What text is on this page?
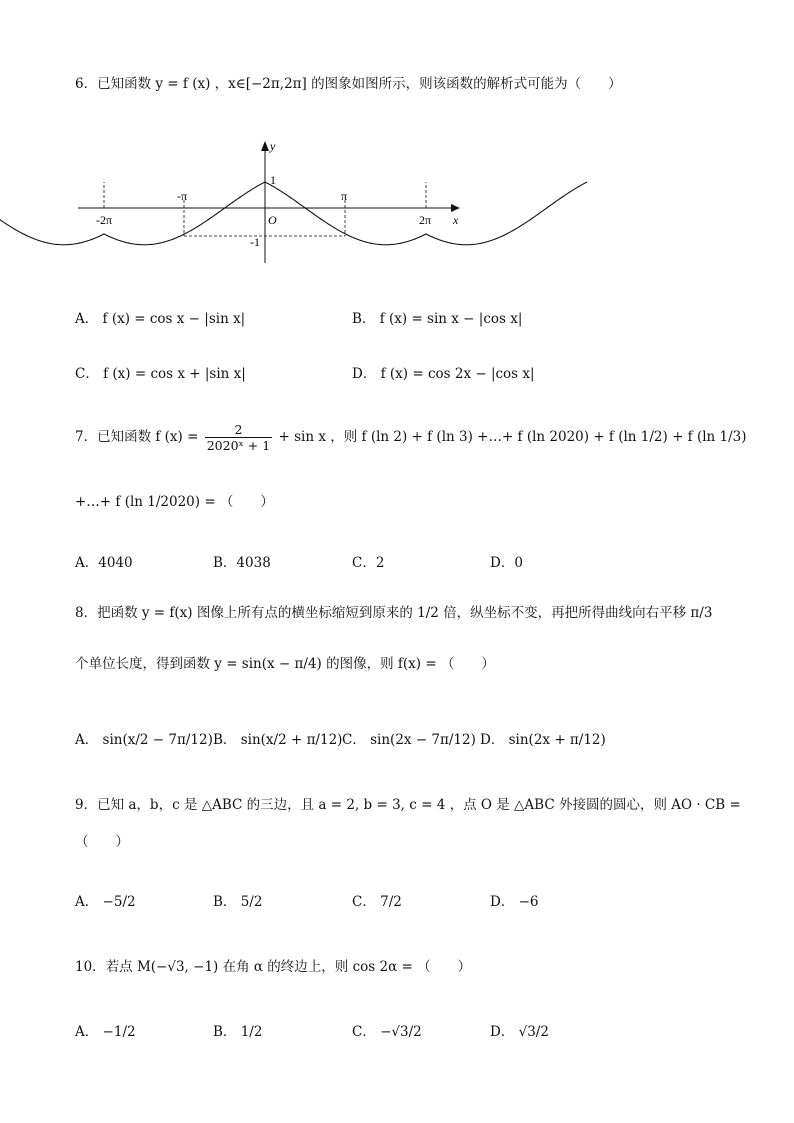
6．已知函数 y = f (x) ，x∈[−2π,2π] 的图象如图所示，则该函数的解析式可能为（　　）
y
x
O
-2π
-π	π
2π
1
-1
A． f (x) = cos x − |sin x|	B． f (x) = sin x − |cos x|
C． f (x) = cos x + |sin x|	D． f (x) = cos 2x − |cos x|
7．已知函数 f $(x) = \frac{2}{\text{2020ˣ + 1}} + \sin x$ ，则 f (ln 2) + f (ln 3) +…+ f (ln 2020) + f (ln 1/2) + f (ln 1/3)
+…+ f (ln 1/2020) = （　　）
A．4040	B．4038	C．2	D．0
8．把函数 y = f(x) 图像上所有点的横坐标缩短到原来的 1/2 倍，纵坐标不变，再把所得曲线向右平移 π/3
个单位长度，得到函数 y = sin(x − π/4) 的图像，则 f(x) = （　　）
A． sin(x/2 − 7π/12) B． sin(x/2 + π/12) C． sin(2x − 7π/12) D． sin(2x + π/12)
9．已知 a，b，c 是 △ABC 的三边，且 a = 2, b = 3, c = 4 ，点 O 是 △ABC 外接圆的圆心，则 AO · CB =
（　　）
A． −5/2	B． 5/2	C． 7/2	D． −6
10．若点 M(−√3, −1) 在角 α 的终边上，则 cos 2α = （　　）
A． −1/2	B． 1/2	C． −√3/2	D． √3/2
